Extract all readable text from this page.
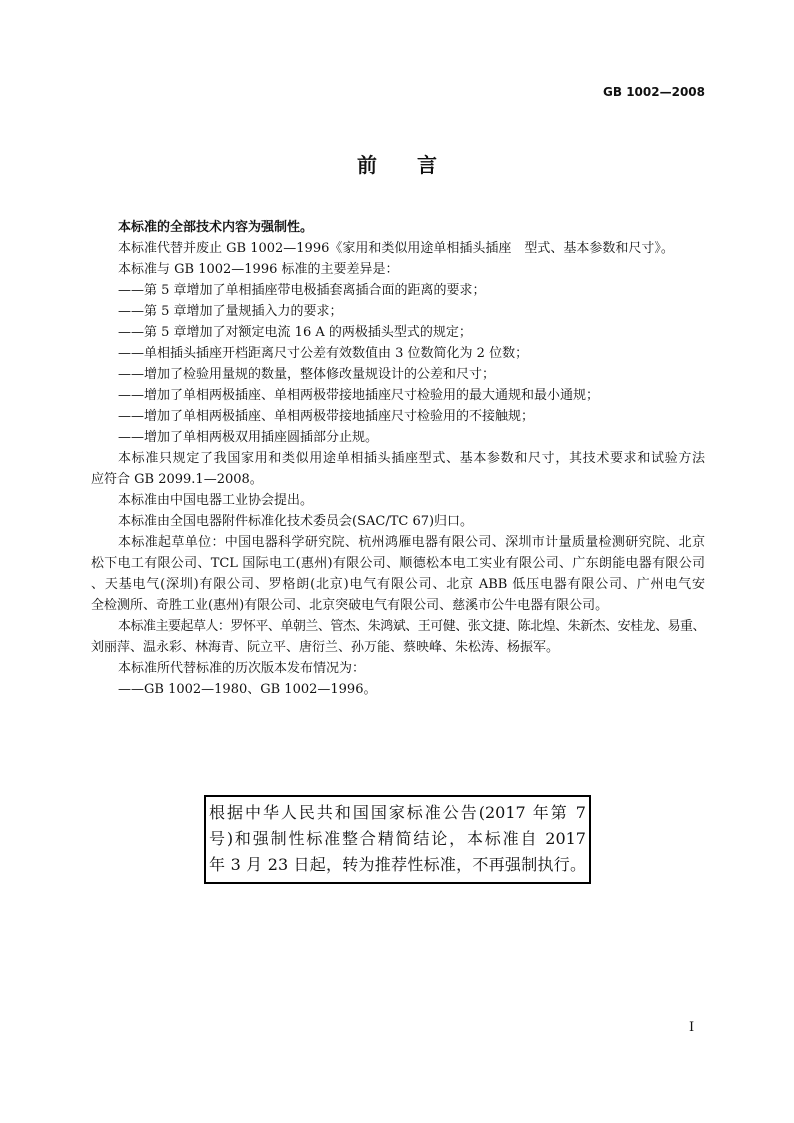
GB 1002—2008
前　　言
本标准的全部技术内容为强制性。
本标准代替并废止 GB 1002—1996《家用和类似用途单相插头插座　型式、基本参数和尺寸》。
本标准与 GB 1002—1996 标准的主要差异是：
——第 5 章增加了单相插座带电极插套离插合面的距离的要求；
——第 5 章增加了量规插入力的要求；
——第 5 章增加了对额定电流 16 A 的两极插头型式的规定；
——单相插头插座开档距离尺寸公差有效数值由 3 位数简化为 2 位数；
——增加了检验用量规的数量，整体修改量规设计的公差和尺寸；
——增加了单相两极插座、单相两极带接地插座尺寸检验用的最大通规和最小通规；
——增加了单相两极插座、单相两极带接地插座尺寸检验用的不接触规；
——增加了单相两极双用插座圆插部分止规。
本标准只规定了我国家用和类似用途单相插头插座型式、基本参数和尺寸，其技术要求和试验方法
应符合 GB 2099.1—2008。
本标准由中国电器工业协会提出。
本标准由全国电器附件标准化技术委员会(SAC/TC 67)归口。
本标准起草单位：中国电器科学研究院、杭州鸿雁电器有限公司、深圳市计量质量检测研究院、北京
松下电工有限公司、TCL 国际电工(惠州)有限公司、顺德松本电工实业有限公司、广东朗能电器有限公司
、天基电气(深圳)有限公司、罗格朗(北京)电气有限公司、北京 ABB 低压电器有限公司、广州电气安
全检测所、奇胜工业(惠州)有限公司、北京突破电气有限公司、慈溪市公牛电器有限公司。
本标准主要起草人：罗怀平、单朝兰、管杰、朱鸿斌、王可健、张文捷、陈北煌、朱新杰、安桂龙、易重、
刘丽萍、温永彩、林海青、阮立平、唐衍兰、孙万能、蔡映峰、朱松涛、杨振军。
本标准所代替标准的历次版本发布情况为：
——GB 1002—1980、GB 1002—1996。
根据中华人民共和国国家标准公告(2017 年第 7
号)和强制性标准整合精简结论，本标准自 2017
年 3 月 23 日起，转为推荐性标准，不再强制执行。
I
